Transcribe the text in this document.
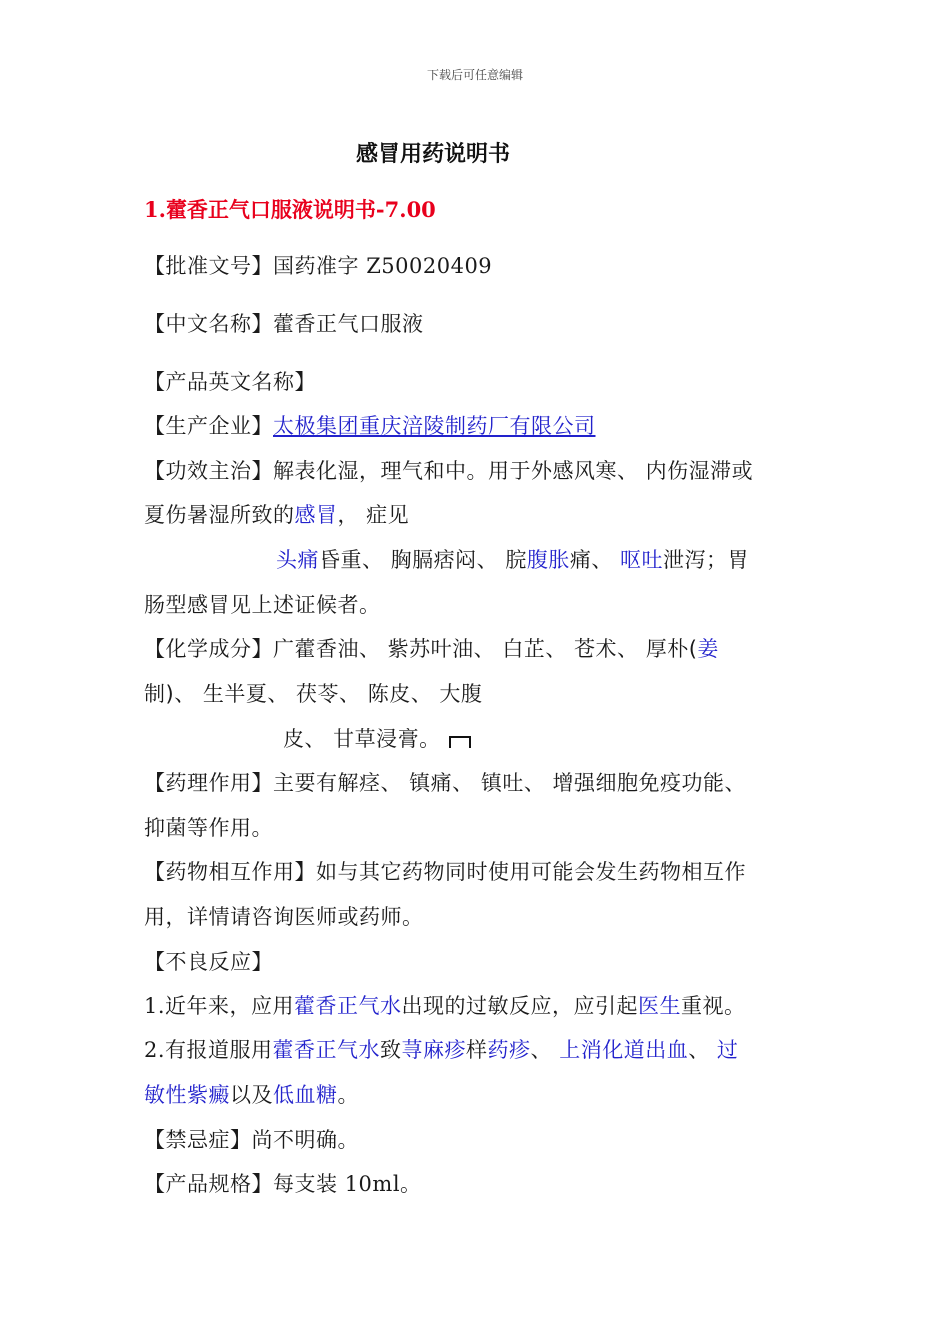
下载后可任意编辑
感冒用药说明书
1.藿香正气口服液说明书-7.00
【批准文号】国药准字 Z50020409
【中文名称】藿香正气口服液
【产品英文名称】
【生产企业】太极集团重庆涪陵制药厂有限公司
【功效主治】解表化湿，理气和中。用于外感风寒、 内伤湿滞或
夏伤暑湿所致的感冒， 症见
头痛昏重、 胸膈痞闷、 脘腹胀痛、 呕吐泄泻；胃
肠型感冒见上述证候者。
【化学成分】广藿香油、 紫苏叶油、 白芷、 苍术、 厚朴(姜
制)、 生半夏、 茯苓、 陈皮、 大腹
皮、 甘草浸膏。
【药理作用】主要有解痉、 镇痛、 镇吐、 增强细胞免疫功能、
抑菌等作用。
【药物相互作用】如与其它药物同时使用可能会发生药物相互作
用，详情请咨询医师或药师。
【不良反应】
1.近年来，应用藿香正气水出现的过敏反应，应引起医生重视。
2.有报道服用藿香正气水致荨麻疹样药疹、 上消化道出血、 过
敏性紫癜以及低血糖。
【禁忌症】尚不明确。
【产品规格】每支装 10ml。
